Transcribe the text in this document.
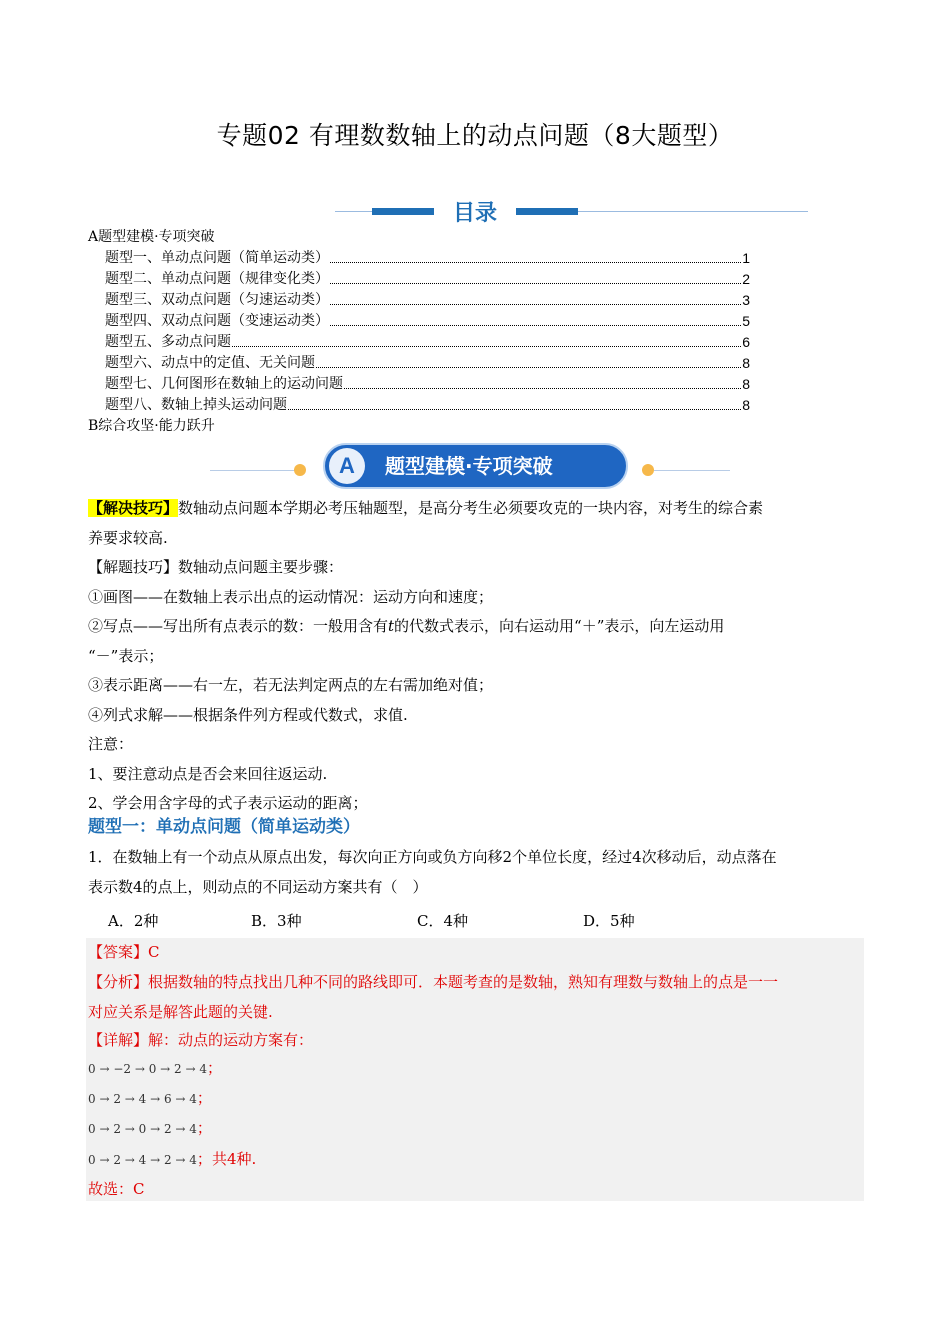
专题02 有理数数轴上的动点问题（8大题型）
目录
A题型建模·专项突破
题型一、单动点问题（简单运动类）	1
题型二、单动点问题（规律变化类）	2
题型三、双动点问题（匀速运动类）	3
题型四、双动点问题（变速运动类）	5
题型五、多动点问题	6
题型六、动点中的定值、无关问题	8
题型七、几何图形在数轴上的运动问题	8
题型八、数轴上掉头运动问题	8
B综合攻坚·能力跃升
A	题型建模·专项突破
【解决技巧】数轴动点问题本学期必考压轴题型，是高分考生必须要攻克的一块内容，对考生的综合素
养要求较高.
【解题技巧】数轴动点问题主要步骤：
①画图——在数轴上表示出点的运动情况：运动方向和速度；
②写点——写出所有点表示的数：一般用含有t的代数式表示，向右运动用“＋”表示，向左运动用
“－”表示；
③表示距离——右一左，若无法判定两点的左右需加绝对值；
④列式求解——根据条件列方程或代数式，求值.
注意：
1、要注意动点是否会来回往返运动.
2、学会用含字母的式子表示运动的距离；
题型一：单动点问题（简单运动类）
1．在数轴上有一个动点从原点出发，每次向正方向或负方向移2个单位长度，经过4次移动后，动点落在
表示数4的点上，则动点的不同运动方案共有（　）
A．2种	B．3种	C．4种	D．5种
【答案】C
【分析】根据数轴的特点找出几种不同的路线即可．本题考查的是数轴，熟知有理数与数轴上的点是一一
对应关系是解答此题的关键.
【详解】解：动点的运动方案有：
0 → −2 → 0 → 2 → 4；
0 → 2 → 4 → 6 → 4；
0 → 2 → 0 → 2 → 4；
0 → 2 → 4 → 2 → 4；共4种.
故选：C
